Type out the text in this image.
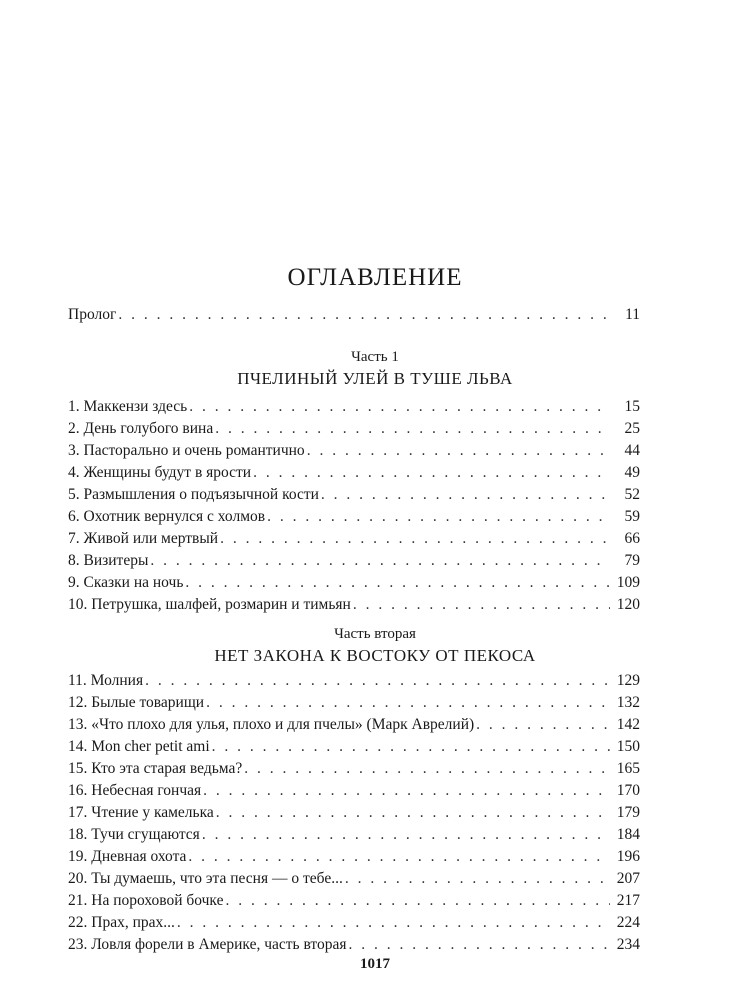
ОГЛАВЛЕНИЕ
Пролог . . .	11
Часть 1
ПЧЕЛИНЫЙ УЛЕЙ В ТУШЕ ЛЬВА
1. Маккензи здесь . . .	15
2. День голубого вина . . .	25
3. Пасторально и очень романтично . . .	44
4. Женщины будут в ярости . . .	49
5. Размышления о подъязычной кости . . .	52
6. Охотник вернулся с холмов . . .	59
7. Живой или мертвый . . .	66
8. Визитеры . . .	79
9. Сказки на ночь . . .	109
10. Петрушка, шалфей, розмарин и тимьян . . .	120
Часть вторая
НЕТ ЗАКОНА К ВОСТОКУ ОТ ПЕКОСА
11. Молния . . .	129
12. Былые товарищи . . .	132
13. «Что плохо для улья, плохо и для пчелы» (Марк Аврелий) . . .	142
14. Mon cher petit ami . . .	150
15. Кто эта старая ведьма? . . .	165
16. Небесная гончая . . .	170
17. Чтение у камелька . . .	179
18. Тучи сгущаются . . .	184
19. Дневная охота . . .	196
20. Ты думаешь, что эта песня — о тебе... . . .	207
21. На пороховой бочке . . .	217
22. Прах, прах... . . .	224
23. Ловля форели в Америке, часть вторая . . .	234
1017
